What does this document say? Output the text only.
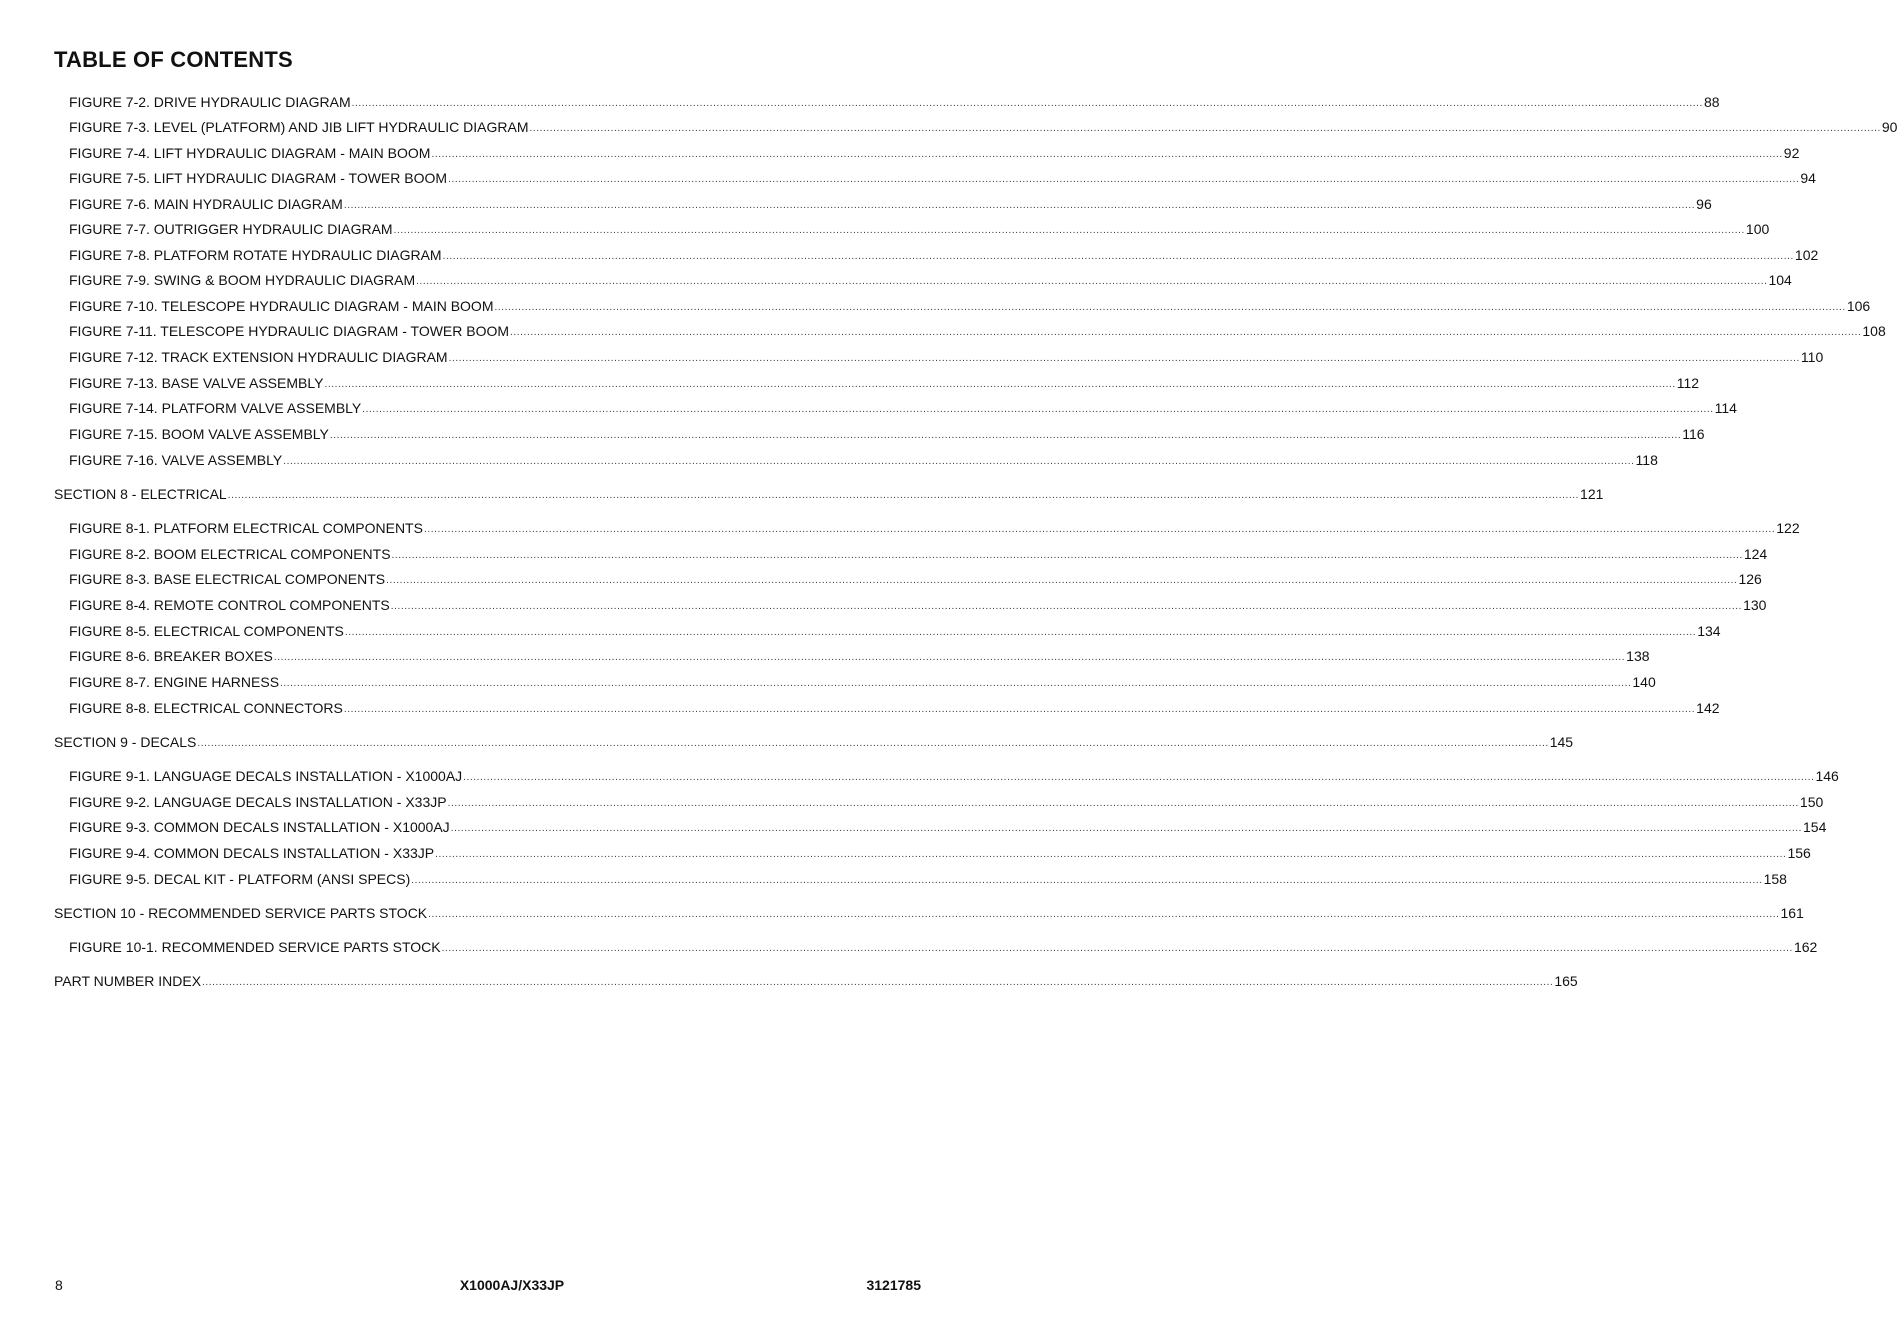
TABLE OF CONTENTS
FIGURE 7-2. DRIVE HYDRAULIC DIAGRAM ................................................................................................................................................................................................................................................................................................................................................................................................................ 88
FIGURE 7-3. LEVEL (PLATFORM) AND JIB LIFT HYDRAULIC DIAGRAM ................................................................................................................................................................................................................................................................................................................................................................................................................ 90
FIGURE 7-4. LIFT HYDRAULIC DIAGRAM - MAIN BOOM ................................................................................................................................................................................................................................................................................................................................................................................................................ 92
FIGURE 7-5. LIFT HYDRAULIC DIAGRAM - TOWER BOOM ................................................................................................................................................................................................................................................................................................................................................................................................................ 94
FIGURE 7-6. MAIN HYDRAULIC DIAGRAM ................................................................................................................................................................................................................................................................................................................................................................................................................ 96
FIGURE 7-7. OUTRIGGER HYDRAULIC DIAGRAM ................................................................................................................................................................................................................................................................................................................................................................................................................ 100
FIGURE 7-8. PLATFORM ROTATE HYDRAULIC DIAGRAM ................................................................................................................................................................................................................................................................................................................................................................................................................ 102
FIGURE 7-9. SWING & BOOM HYDRAULIC DIAGRAM ................................................................................................................................................................................................................................................................................................................................................................................................................ 104
FIGURE 7-10. TELESCOPE HYDRAULIC DIAGRAM - MAIN BOOM ................................................................................................................................................................................................................................................................................................................................................................................................................ 106
FIGURE 7-11. TELESCOPE HYDRAULIC DIAGRAM - TOWER BOOM ................................................................................................................................................................................................................................................................................................................................................................................................................ 108
FIGURE 7-12. TRACK EXTENSION HYDRAULIC DIAGRAM ................................................................................................................................................................................................................................................................................................................................................................................................................ 110
FIGURE 7-13. BASE VALVE ASSEMBLY ................................................................................................................................................................................................................................................................................................................................................................................................................ 112
FIGURE 7-14. PLATFORM VALVE ASSEMBLY ................................................................................................................................................................................................................................................................................................................................................................................................................ 114
FIGURE 7-15. BOOM VALVE ASSEMBLY ................................................................................................................................................................................................................................................................................................................................................................................................................ 116
FIGURE 7-16. VALVE ASSEMBLY ................................................................................................................................................................................................................................................................................................................................................................................................................ 118
SECTION 8 - ELECTRICAL ................................................................................................................................................................................................................................................................................................................................................................................................................ 121
FIGURE 8-1. PLATFORM ELECTRICAL COMPONENTS ................................................................................................................................................................................................................................................................................................................................................................................................................ 122
FIGURE 8-2. BOOM ELECTRICAL COMPONENTS ................................................................................................................................................................................................................................................................................................................................................................................................................ 124
FIGURE 8-3. BASE ELECTRICAL COMPONENTS ................................................................................................................................................................................................................................................................................................................................................................................................................ 126
FIGURE 8-4. REMOTE CONTROL COMPONENTS ................................................................................................................................................................................................................................................................................................................................................................................................................ 130
FIGURE 8-5. ELECTRICAL COMPONENTS ................................................................................................................................................................................................................................................................................................................................................................................................................ 134
FIGURE 8-6. BREAKER BOXES ................................................................................................................................................................................................................................................................................................................................................................................................................ 138
FIGURE 8-7. ENGINE HARNESS ................................................................................................................................................................................................................................................................................................................................................................................................................ 140
FIGURE 8-8. ELECTRICAL CONNECTORS ................................................................................................................................................................................................................................................................................................................................................................................................................ 142
SECTION 9 - DECALS ................................................................................................................................................................................................................................................................................................................................................................................................................ 145
FIGURE 9-1. LANGUAGE DECALS INSTALLATION - X1000AJ ................................................................................................................................................................................................................................................................................................................................................................................................................ 146
FIGURE 9-2. LANGUAGE DECALS INSTALLATION - X33JP ................................................................................................................................................................................................................................................................................................................................................................................................................ 150
FIGURE 9-3. COMMON DECALS INSTALLATION - X1000AJ ................................................................................................................................................................................................................................................................................................................................................................................................................ 154
FIGURE 9-4. COMMON DECALS INSTALLATION - X33JP ................................................................................................................................................................................................................................................................................................................................................................................................................ 156
FIGURE 9-5. DECAL KIT - PLATFORM (ANSI SPECS) ................................................................................................................................................................................................................................................................................................................................................................................................................ 158
SECTION 10 - RECOMMENDED SERVICE PARTS STOCK ................................................................................................................................................................................................................................................................................................................................................................................................................ 161
FIGURE 10-1. RECOMMENDED SERVICE PARTS STOCK ................................................................................................................................................................................................................................................................................................................................................................................................................ 162
PART NUMBER INDEX ................................................................................................................................................................................................................................................................................................................................................................................................................ 165
8	X1000AJ/X33JP	3121785
